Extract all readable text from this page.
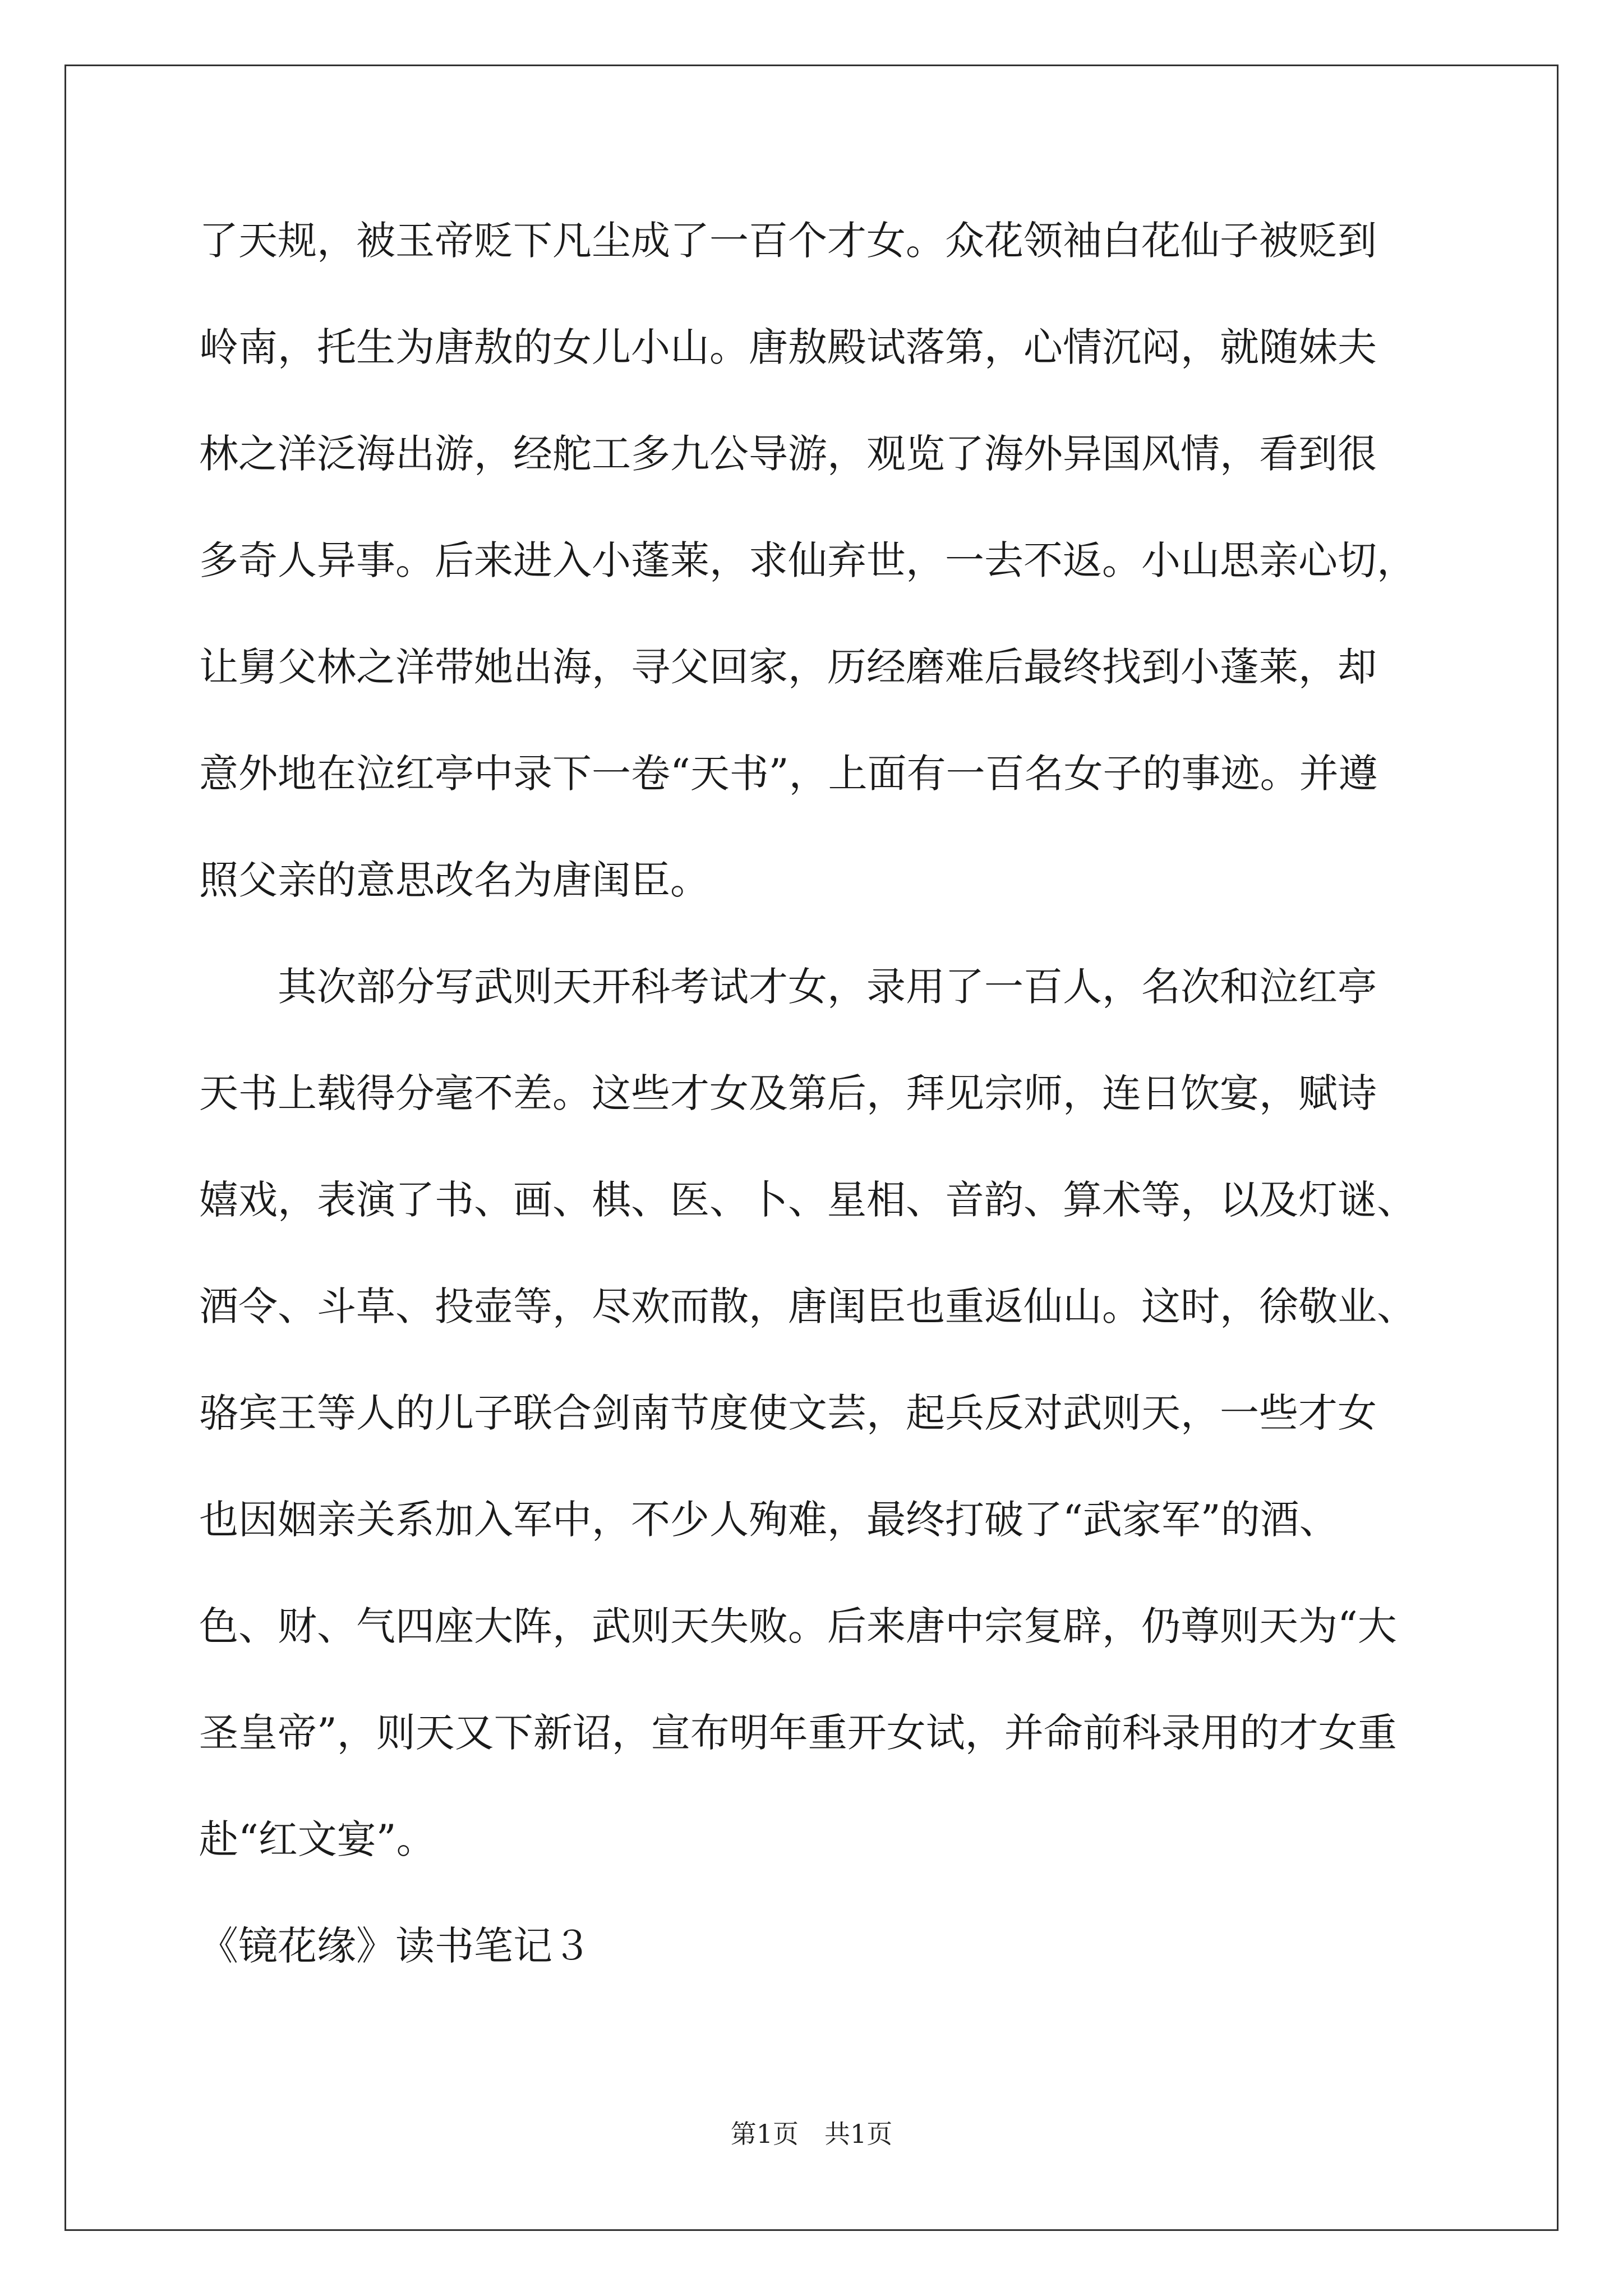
了天规，被玉帝贬下凡尘成了一百个才女。众花领袖白花仙子被贬到
岭南，托生为唐敖的女儿小山。唐敖殿试落第，心情沉闷，就随妹夫
林之洋泛海出游，经舵工多九公导游，观览了海外异国风情，看到很
多奇人异事。后来进入小蓬莱，求仙弃世，一去不返。小山思亲心切，
让舅父林之洋带她出海，寻父回家，历经磨难后最终找到小蓬莱，却
意外地在泣红亭中录下一卷“天书”，上面有一百名女子的事迹。并遵
照父亲的意思改名为唐闺臣。
　　其次部分写武则天开科考试才女，录用了一百人，名次和泣红亭
天书上载得分毫不差。这些才女及第后，拜见宗师，连日饮宴，赋诗
嬉戏，表演了书、画、棋、医、卜、星相、音韵、算术等，以及灯谜、
酒令、斗草、投壶等，尽欢而散，唐闺臣也重返仙山。这时，徐敬业、
骆宾王等人的儿子联合剑南节度使文芸，起兵反对武则天，一些才女
也因姻亲关系加入军中，不少人殉难，最终打破了“武家军”的酒、
色、财、气四座大阵，武则天失败。后来唐中宗复辟，仍尊则天为“大
圣皇帝”，则天又下新诏，宣布明年重开女试，并命前科录用的才女重
赴“红文宴”。
《镜花缘》读书笔记３
第1页 共1页
